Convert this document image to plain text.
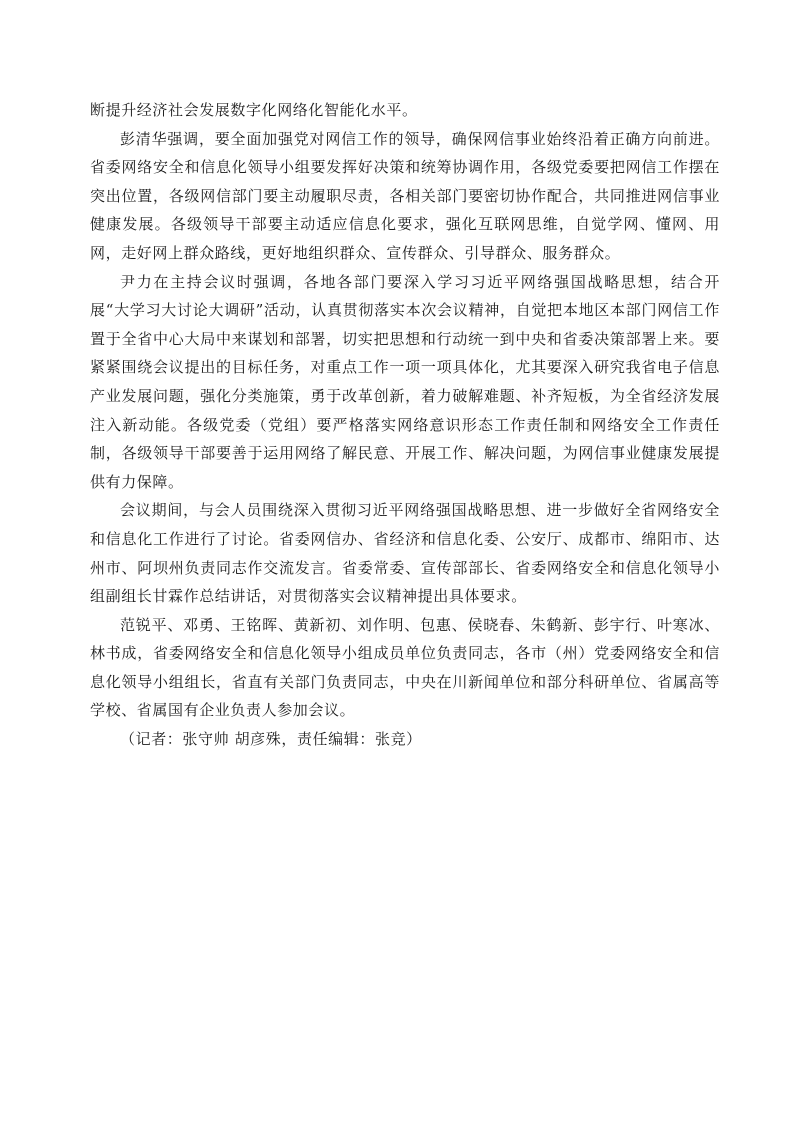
断提升经济社会发展数字化网络化智能化水平。

彭清华强调，要全面加强党对网信工作的领导，确保网信事业始终沿着正确方向前进。省委网络安全和信息化领导小组要发挥好决策和统筹协调作用，各级党委要把网信工作摆在突出位置，各级网信部门要主动履职尽责，各相关部门要密切协作配合，共同推进网信事业健康发展。各级领导干部要主动适应信息化要求，强化互联网思维，自觉学网、懂网、用网，走好网上群众路线，更好地组织群众、宣传群众、引导群众、服务群众。

尹力在主持会议时强调，各地各部门要深入学习习近平网络强国战略思想，结合开展“大学习大讨论大调研”活动，认真贯彻落实本次会议精神，自觉把本地区本部门网信工作置于全省中心大局中来谋划和部署，切实把思想和行动统一到中央和省委决策部署上来。要紧紧围绕会议提出的目标任务，对重点工作一项一项具体化，尤其要深入研究我省电子信息产业发展问题，强化分类施策，勇于改革创新，着力破解难题、补齐短板，为全省经济发展注入新动能。各级党委（党组）要严格落实网络意识形态工作责任制和网络安全工作责任制，各级领导干部要善于运用网络了解民意、开展工作、解决问题，为网信事业健康发展提供有力保障。

会议期间，与会人员围绕深入贯彻习近平网络强国战略思想、进一步做好全省网络安全和信息化工作进行了讨论。省委网信办、省经济和信息化委、公安厅、成都市、绵阳市、达州市、阿坝州负责同志作交流发言。省委常委、宣传部部长、省委网络安全和信息化领导小组副组长甘霖作总结讲话，对贯彻落实会议精神提出具体要求。

范锐平、邓勇、王铭晖、黄新初、刘作明、包惠、侯晓春、朱鹤新、彭宇行、叶寒冰、林书成，省委网络安全和信息化领导小组成员单位负责同志，各市（州）党委网络安全和信息化领导小组组长，省直有关部门负责同志，中央在川新闻单位和部分科研单位、省属高等学校、省属国有企业负责人参加会议。

（记者：张守帅 胡彦殊，责任编辑：张竞）
